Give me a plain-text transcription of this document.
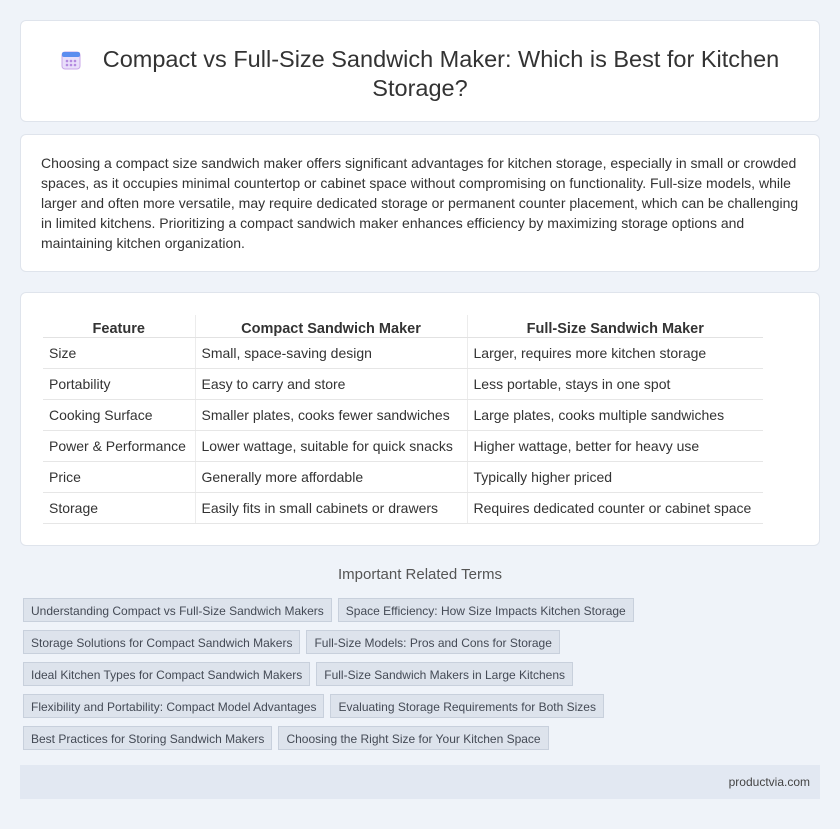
Compact vs Full-Size Sandwich Maker: Which is Best for Kitchen
Storage?

Choosing a compact size sandwich maker offers significant advantages for kitchen storage, especially in small or crowded spaces, as it occupies minimal countertop or cabinet space without compromising on functionality. Full-size models, while larger and often more versatile, may require dedicated storage or permanent counter placement, which can be challenging in limited kitchens. Prioritizing a compact sandwich maker enhances efficiency by maximizing storage options and maintaining kitchen organization.

Feature	Compact Sandwich Maker	Full-Size Sandwich Maker
Size	Small, space-saving design	Larger, requires more kitchen storage
Portability	Easy to carry and store	Less portable, stays in one spot
Cooking Surface	Smaller plates, cooks fewer sandwiches	Large plates, cooks multiple sandwiches
Power & Performance	Lower wattage, suitable for quick snacks	Higher wattage, better for heavy use
Price	Generally more affordable	Typically higher priced
Storage	Easily fits in small cabinets or drawers	Requires dedicated counter or cabinet space
Important Related Terms
Understanding Compact vs Full-Size Sandwich Makers Space Efficiency: How Size Impacts Kitchen Storage
Storage Solutions for Compact Sandwich Makers Full-Size Models: Pros and Cons for Storage
Ideal Kitchen Types for Compact Sandwich Makers Full-Size Sandwich Makers in Large Kitchens
Flexibility and Portability: Compact Model Advantages Evaluating Storage Requirements for Both Sizes
Best Practices for Storing Sandwich Makers Choosing the Right Size for Your Kitchen Space
productvia.com
